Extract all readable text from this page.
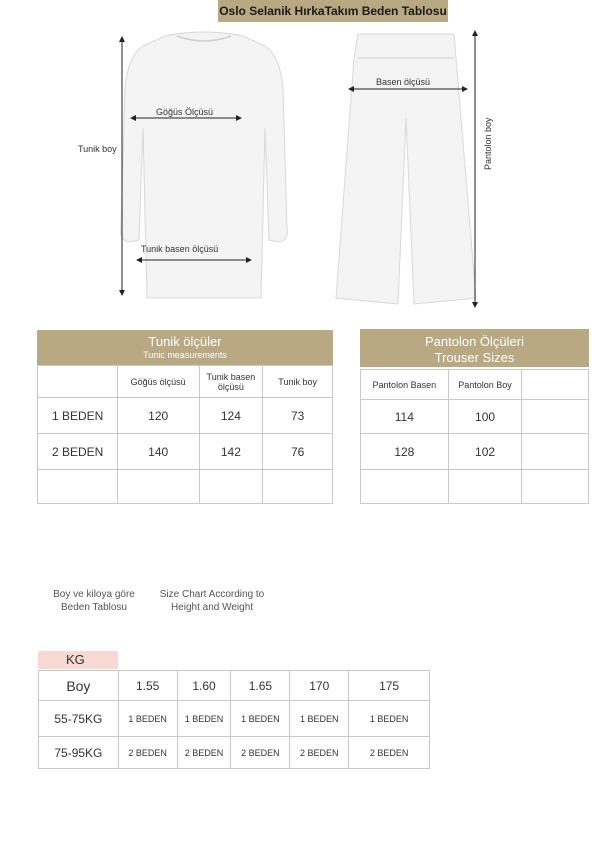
Oslo Selanik HırkaTakım Beden Tablosu
Tunik boy
Göğüs Ölçüsü
Tunik basen ölçüsü
Basen ölçüsü
Pantolon boy
Tunik ölçüler
Tunic measurements
	Göğüs ölçüsü	Tunik basen ölçüsü	Tunik boy
1 BEDEN	120	124	73
2 BEDEN	140	142	76

Pantolon Ölçüleri
Trouser Sizes
Pantolon Basen	Pantolon Boy	
114	100	
128	102	

Boy ve kiloya göre Beden Tablosu
Size Chart According to Height and Weight
KG
Boy	1.55	1.60	1.65	170	175
55-75KG	1 BEDEN	1 BEDEN	1 BEDEN	1 BEDEN	1 BEDEN
75-95KG	2 BEDEN	2 BEDEN	2 BEDEN	2 BEDEN	2 BEDEN
